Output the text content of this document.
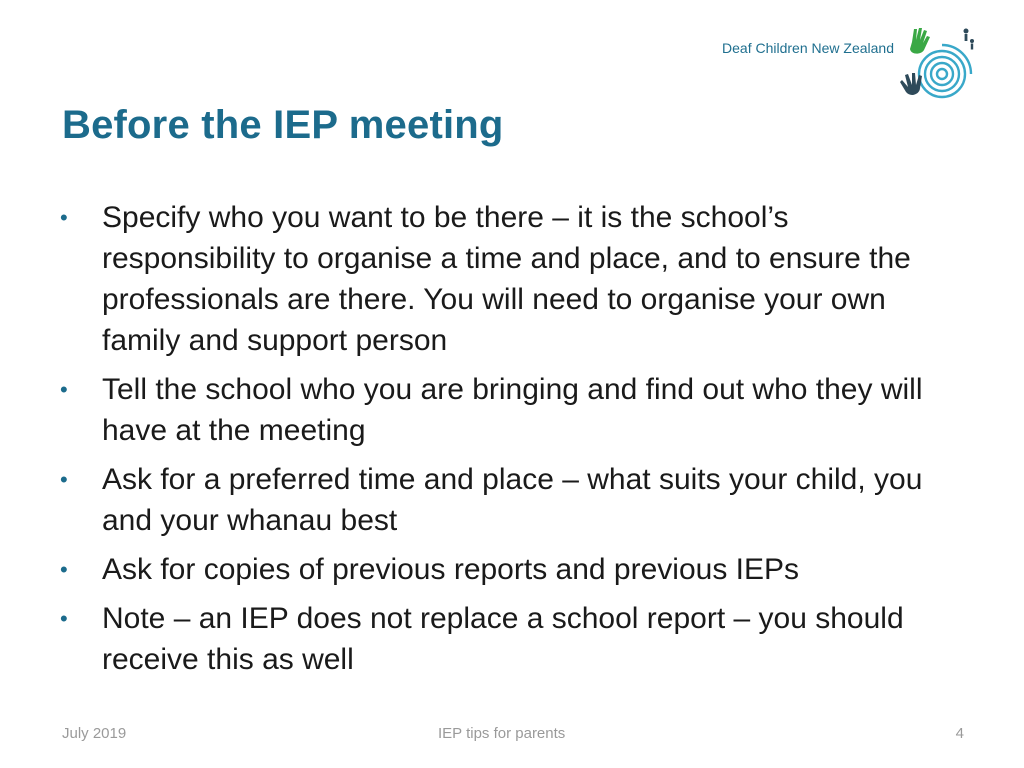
Deaf Children New Zealand
Before the IEP meeting
• Specify who you want to be there – it is the school’s responsibility to organise a time and place, and to ensure the professionals are there. You will need to organise your own family and support person
• Tell the school who you are bringing and find out who they will have at the meeting
• Ask for a preferred time and place – what suits your child, you and your whanau best
• Ask for copies of previous reports and previous IEPs
• Note – an IEP does not replace a school report – you should receive this as well
July 2019	IEP tips for parents	4
